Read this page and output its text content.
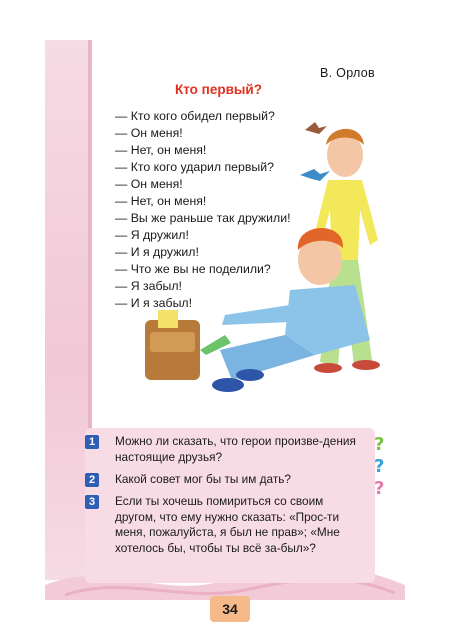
В. Орлов
Кто первый?
— Кто кого обидел первый?
— Он меня!
— Нет, он меня!
— Кто кого ударил первый?
— Он меня!
— Нет, он меня!
— Вы же раньше так дружили!
— Я дружил!
— И я дружил!
— Что же вы не поделили?
— Я забыл!
— И я забыл!
1	Можно ли сказать, что герои произве-дения настоящие друзья?
2	Какой совет мог бы ты им дать?
3	Если ты хочешь помириться со своим другом, что ему нужно сказать: «Прос-ти меня, пожалуйста, я был не прав»; «Мне хотелось бы, чтобы ты всё за-был»?
?
?
?
34
